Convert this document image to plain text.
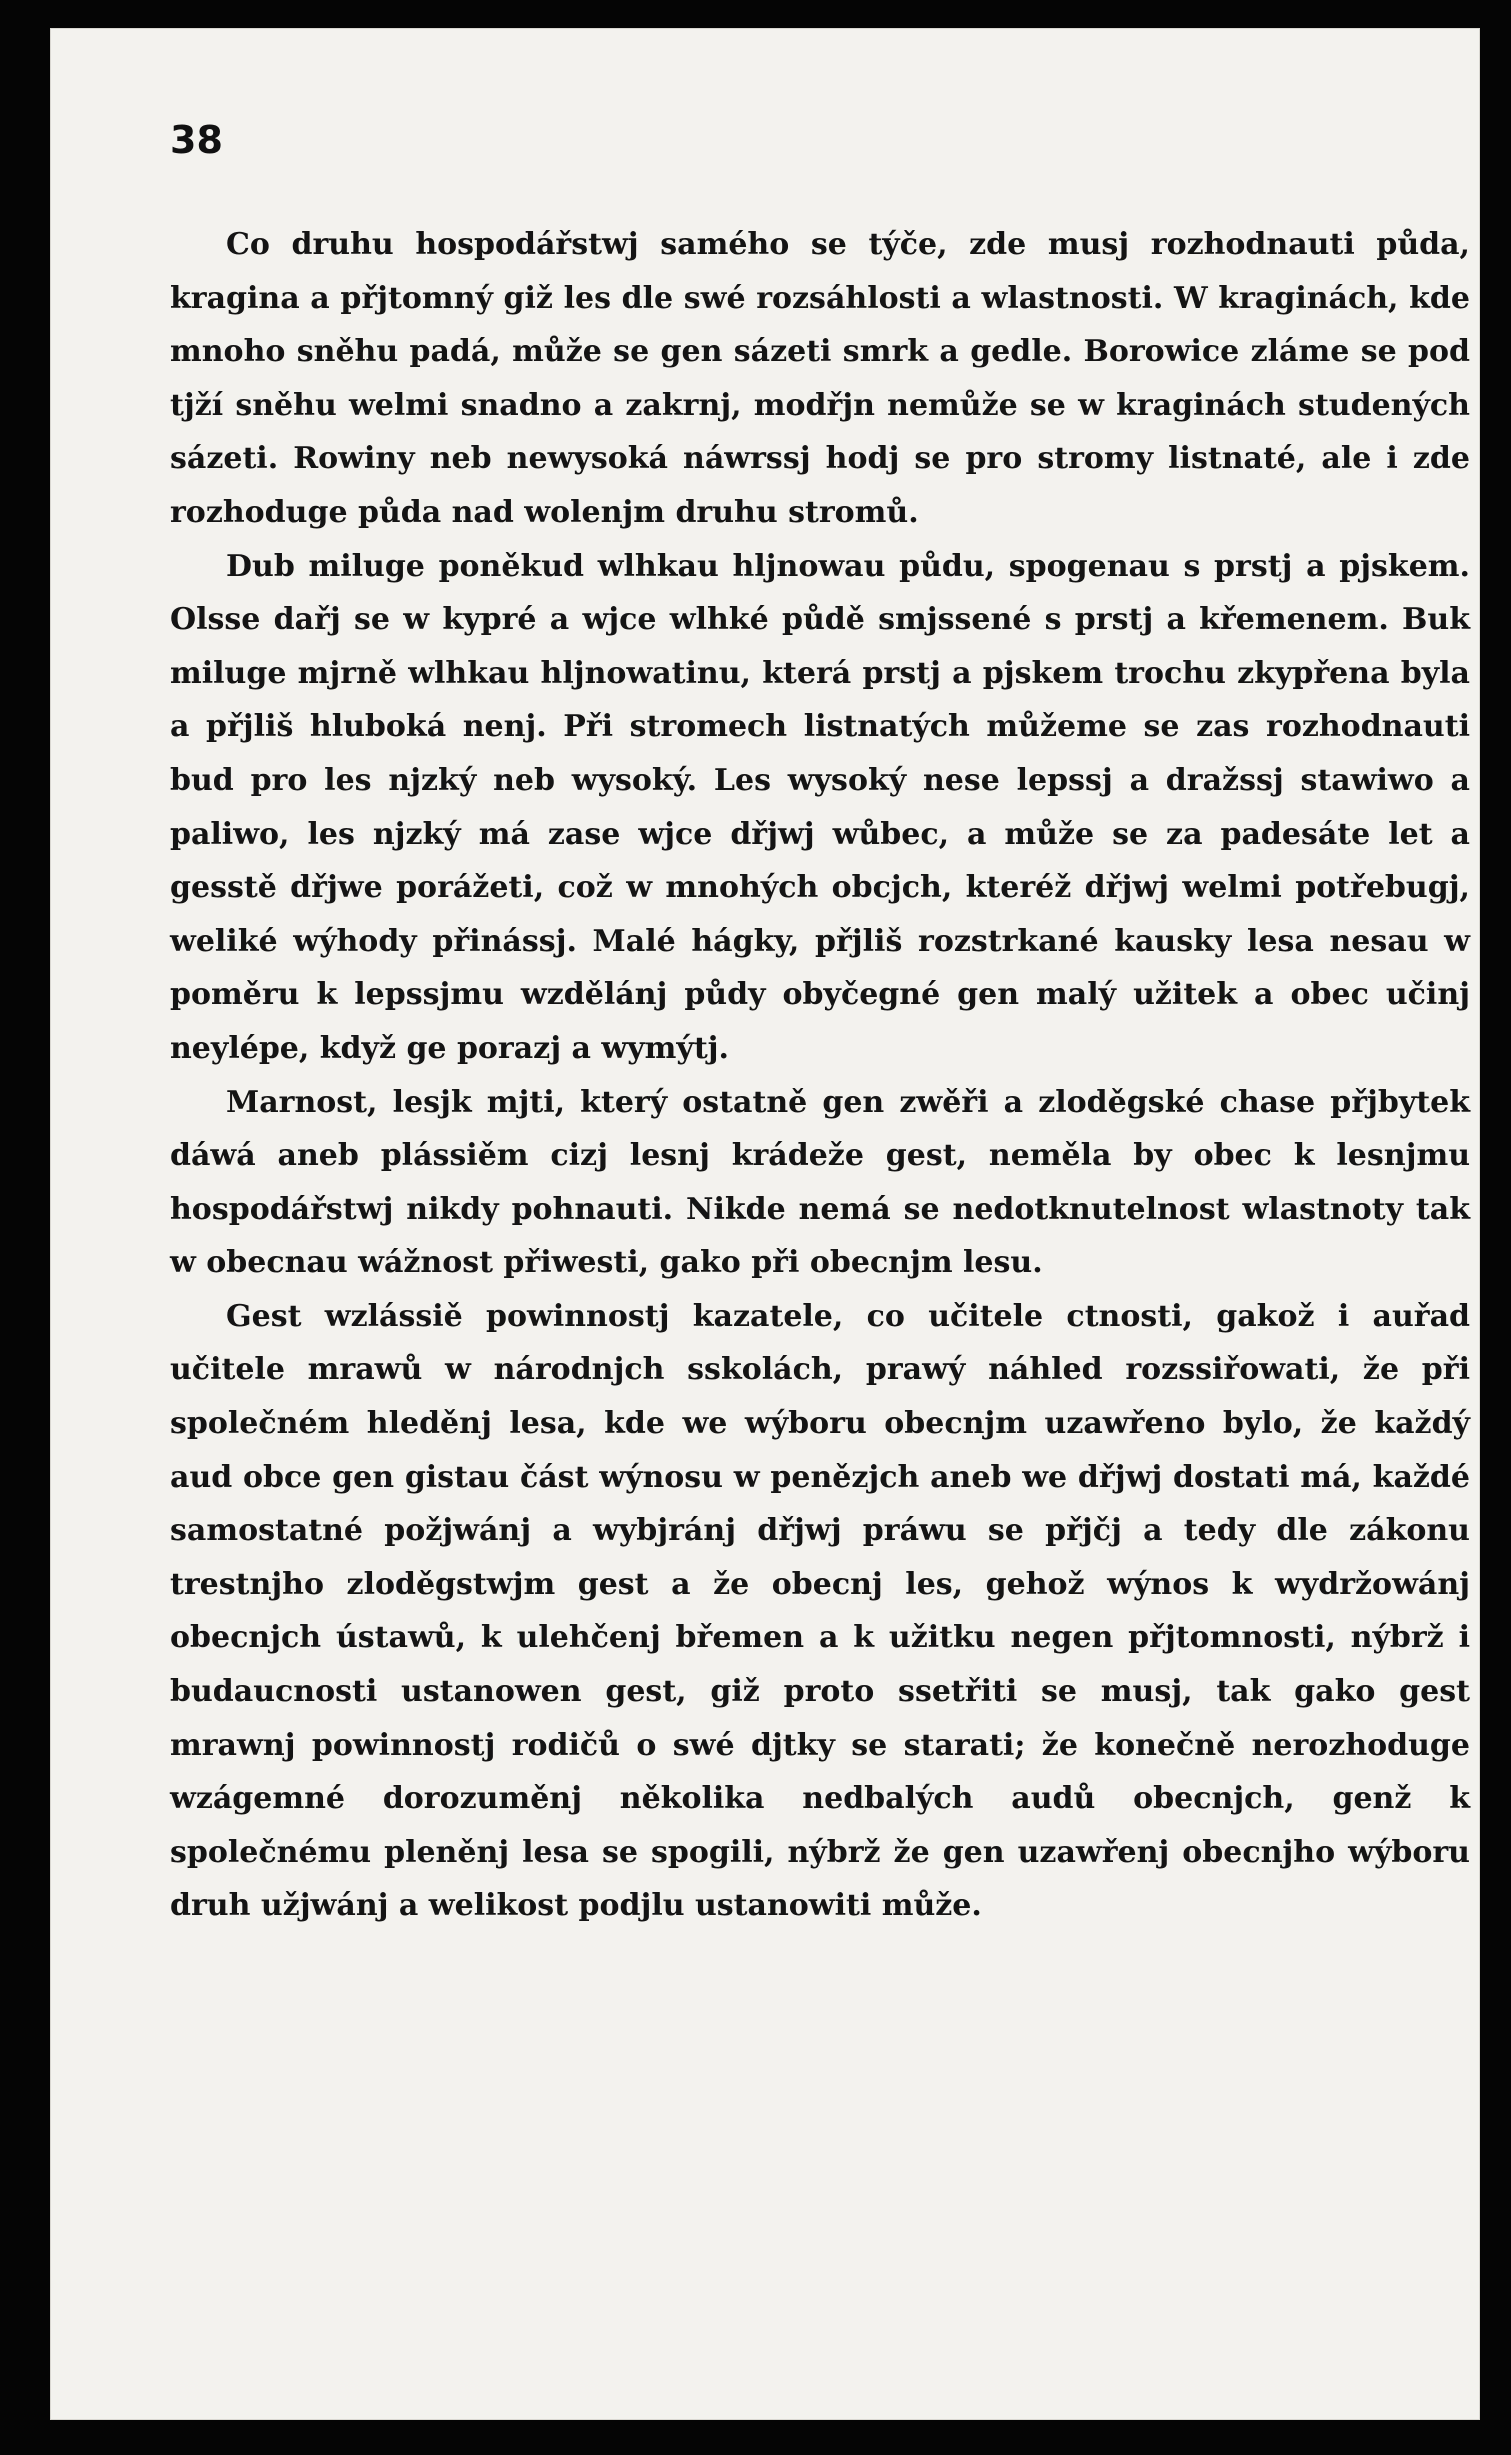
38

Co druhu hospodářstwj samého se týče, zde musj rozhodnauti půda, kragina a přjtomný giž les dle swé rozsáhlosti a wlastnosti. W kraginách, kde mnoho sněhu padá, může se gen sázeti smrk a gedle. Borowice zláme se pod tjží sněhu welmi snadno a zakrnj, modřjn nemůže se w kraginách studených sázeti. Rowiny neb newysoká náwrssj hodj se pro stromy listnaté, ale i zde rozhoduge půda nad wolenjm druhu stromů.

Dub miluge poněkud wlhkau hljnowau půdu, spogenau s prstj a pjskem. Olsse dařj se w kypré a wjce wlhké půdě smjssené s prstj a křemenem. Buk miluge mjrně wlhkau hljnowatinu, která prstj a pjskem trochu zkypřena byla a přjliš hluboká nenj. Při stromech listnatých můžeme se zas rozhodnauti bud pro les njzký neb wysoký. Les wysoký nese lepssj a dražssj stawiwo a paliwo, les njzký má zase wjce dřjwj wůbec, a může se za padesáte let a gesstě dřjwe porážeti, což w mnohých obcjch, kteréž dřjwj welmi potřebugj, weliké wýhody přinássj. Malé hágky, přjliš rozstrkané kausky lesa nesau w poměru k lepssjmu wzdělánj půdy obyčegné gen malý užitek a obec učinj neylépe, když ge porazj a wymýtj.

Marnost, lesjk mjti, který ostatně gen zwěři a zloděgské chase přjbytek dáwá aneb plássiěm cizj lesnj krádeže gest, neměla by obec k lesnjmu hospodářstwj nikdy pohnauti. Nikde nemá se nedotknutelnost wlastnoty tak w obecnau wážnost přiwesti, gako při obecnjm lesu.

Gest wzlássiě powinnostj kazatele, co učitele ctnosti, gakož i auřad učitele mrawů w národnjch sskolách, prawý náhled rozssiřowati, že při společném hleděnj lesa, kde we wýboru obecnjm uzawřeno bylo, že každý aud obce gen gistau část wýnosu w penězjch aneb we dřjwj dostati má, každé samostatné požjwánj a wybjránj dřjwj práwu se přjčj a tedy dle zákonu trestnjho zloděgstwjm gest a že obecnj les, gehož wýnos k wydržowánj obecnjch ústawů, k ulehčenj břemen a k užitku negen přjtomnosti, nýbrž i budaucnosti ustanowen gest, giž proto ssetřiti se musj, tak gako gest mrawnj powinnostj rodičů o swé djtky se starati; že konečně nerozhoduge wzágemné dorozuměnj několika nedbalých audů obecnjch, genž k společnému pleněnj lesa se spogili, nýbrž že gen uzawřenj obecnjho wýboru druh užjwánj a welikost podjlu ustanowiti může.
